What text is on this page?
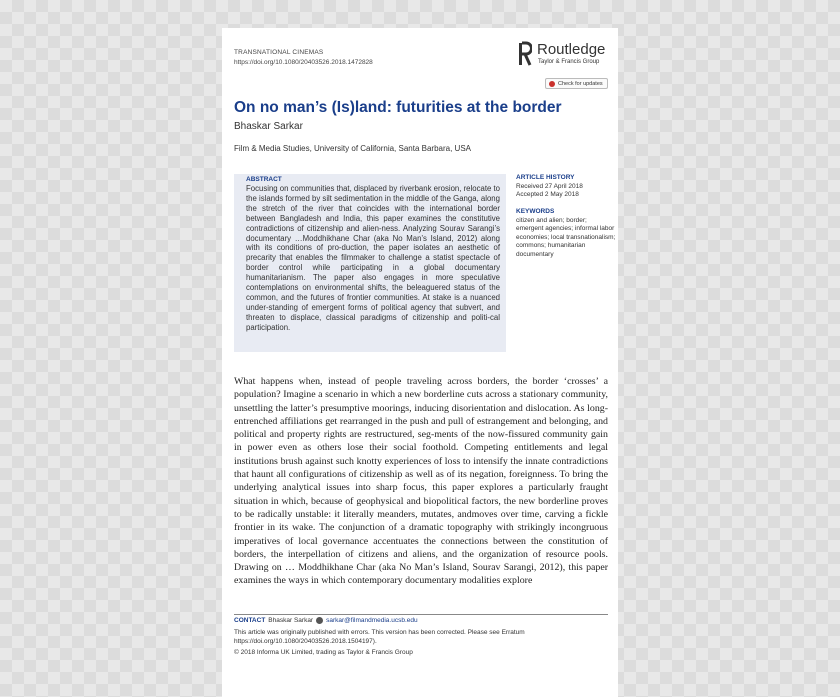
TRANSNATIONAL CINEMAS
https://doi.org/10.1080/20403526.2018.1472828
Routledge
Taylor & Francis Group
Check for updates
On no man’s (Is)land: futurities at the border
Bhaskar Sarkar
Film & Media Studies, University of California, Santa Barbara, USA
ABSTRACT
Focusing on communities that, displaced by riverbank erosion, relocate to the islands formed by silt sedimentation in the middle of the Ganga, along the stretch of the river that coincides with the international border between Bangladesh and India, this paper examines the constitutive contradictions of citizenship and alien-ness. Analyzing Sourav Sarangi’s documentary …Moddhikhane Char (aka No Man’s Island, 2012) along with its conditions of pro-duction, the paper isolates an aesthetic of precarity that enables the filmmaker to challenge a statist spectacle of border control while participating in a global documentary humanitarianism. The paper also engages in more speculative contemplations on environmental shifts, the beleaguered status of the common, and the futures of frontier communities. At stake is a nuanced under-standing of emergent forms of political agency that subvert, and threaten to displace, classical paradigms of citizenship and politi-cal participation.
ARTICLE HISTORY
Received 27 April 2018
Accepted 2 May 2018
KEYWORDS
citizen and alien; border; emergent agencies; informal labor economies; local transnationalism; commons; humanitarian documentary
What happens when, instead of people traveling across borders, the border ‘crosses’ a population? Imagine a scenario in which a new borderline cuts across a stationary community, unsettling the latter’s presumptive moorings, inducing disorientation and dislocation. As long-entrenched affiliations get rearranged in the push and pull of estrangement and belonging, and political and property rights are restructured, seg-ments of the now-fissured community gain in power even as others lose their social foothold. Competing entitlements and legal institutions brush against such knotty experiences of loss to intensify the innate contradictions that haunt all configurations of citizenship as well as of its negation, foreignness. To bring the underlying analytical issues into sharp focus, this paper explores a particularly fraught situation in which, because of geophysical and biopolitical factors, the new borderline proves to be radically unstable: it literally meanders, mutates, andmoves over time, carving a fickle frontier in its wake. The conjunction of a dramatic topography with strikingly incongruous imperatives of local governance accentuates the connections between the constitution of borders, the interpellation of citizens and aliens, and the organization of resource pools. Drawing on … Moddhikhane Char (aka No Man’s Island, Sourav Sarangi, 2012), this paper examines the ways in which contemporary documentary modalities explore
CONTACT Bhaskar Sarkar sarkar@filmandmedia.ucsb.edu
This article was originally published with errors. This version has been corrected. Please see Erratum https://doi.org/10.1080/20403526.2018.1504197).
© 2018 Informa UK Limited, trading as Taylor & Francis Group
